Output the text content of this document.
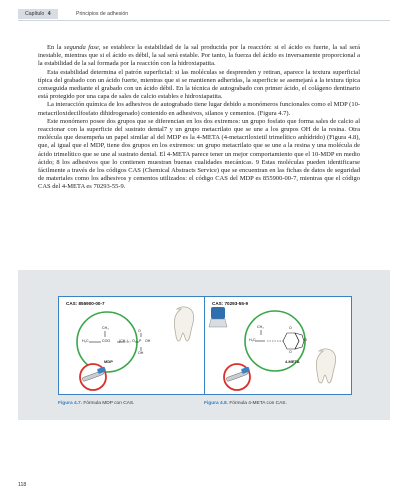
Capítulo 4	Principios de adhesión

En la segunda fase, se establece la estabilidad de la sal producida por la reacción: si el ácido es fuerte, la sal será inestable, mientras que si el ácido es débil, la sal será estable. Por tanto, la fuerza del ácido es inversamente proporcional a la estabilidad de la sal formada por la reacción con la hidroxiapatita.

Esta estabilidad determina el patrón superficial: si las moléculas se desprenden y retiran, aparece la textura superficial típica del grabado con un ácido fuerte, mientras que si se mantienen adheridas, la superficie se asemejará a la textura típica conseguida mediante el grabado con un ácido débil. En la técnica de autograbado con primer ácido, el colágeno dentinario está protegido por una capa de sales de calcio estables e hidroxiapatita.

La interacción química de los adhesivos de autograbado tiene lugar debido a monómeros funcionales como el MDP (10-metacriloxidecilfosfato dihidrogenado) contenido en adhesivos, silanos y cementos. (Figura 4.7).

Este monómero posee dos grupos que se diferencian en los dos extremos: un grupo fosfato que forma sales de calcio al reaccionar con la superficie del sustrato dental7 y un grupo metacrilato que se une a los grupos OH de la resina. Otra molécula que desempeña un papel similar al del MDP es la 4-META (4-metacriloxietil trimelítico anhídrido) (Figura 4.8), que, al igual que el MDP, tiene dos grupos en los extremos: un grupo metacrilato que se une a la resina y una molécula de ácido trimelítico que se une al sustrato dental. El 4-META parece tener un mejor comportamiento que el 10-MDP en medio ácido; 8 los adhesivos que lo contienen muestran buenas cualidades mecánicas. 9 Estas moléculas pueden identificarse fácilmente a través de los códigos CAS (Chemical Abstracts Service) que se encuentran en las fichas de datos de seguridad de materiales como los adhesivos y cementos utilizados: el código CAS del MDP es 855900-00-7, mientras que el código CAS del 4-META es 70293-55-9.

CAS: 855900-00-7
H₂C
CH₃
COO (CH₂)₁₀ O P
O
OH
OH
MDP
CAS: 70293-55-9
H₂C
CH₃	O
O
O
4-META
Figura 4.7. Fórmula MDP con CAS.	Figura 4.8. Fórmula 4-META con CAS.
118
